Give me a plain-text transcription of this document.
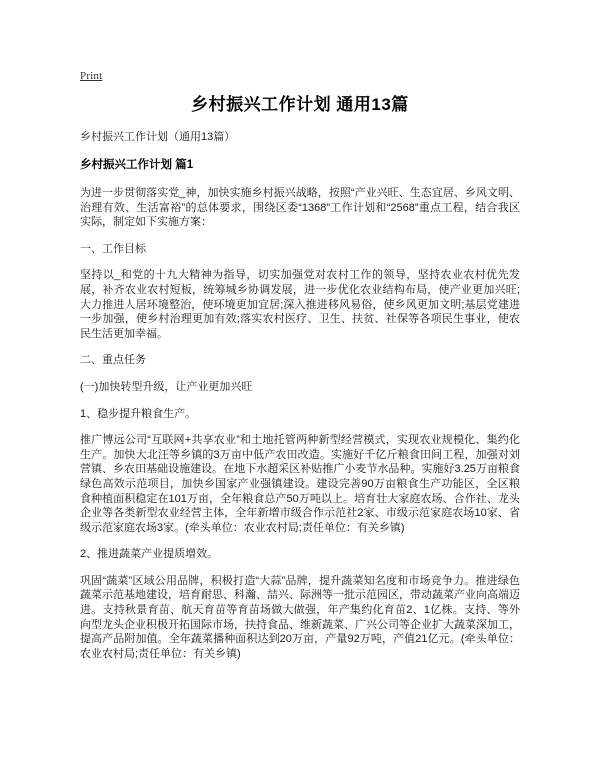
Print
乡村振兴工作计划 通用13篇

乡村振兴工作计划（通用13篇）

乡村振兴工作计划 篇1

为进一步贯彻落实党_神，加快实施乡村振兴战略，按照“产业兴旺、生态宜居、乡风文明、治理有效、生活富裕”的总体要求，围绕区委“1368”工作计划和“2568”重点工程，结合我区实际，制定如下实施方案：

一、工作目标

坚持以_和党的十九大精神为指导，切实加强党对农村工作的领导，坚持农业农村优先发展，补齐农业农村短板，统筹城乡协调发展，进一步优化农业结构布局，使产业更加兴旺;大力推进人居环境整治，使环境更加宜居;深入推进移风易俗，使乡风更加文明;基层党建进一步加强，使乡村治理更加有效;落实农村医疗、卫生、扶贫、社保等各项民生事业，使农民生活更加幸福。

二、重点任务

(一)加快转型升级，让产业更加兴旺

1、稳步提升粮食生产。

推广博远公司“互联网+共享农业”和土地托管两种新型经营模式，实现农业规模化、集约化生产。加快大北汪等乡镇的3万亩中低产农田改造。实施好千亿斤粮食田间工程，加强对刘营镇、乡农田基础设施建设。在地下水超采区补贴推广小麦节水品种。实施好3.25万亩粮食绿色高效示范项目，加快乡国家产业强镇建设。建设完善90万亩粮食生产功能区，全区粮食种植面积稳定在101万亩，全年粮食总产50万吨以上。培育壮大家庭农场、合作社、龙头企业等各类新型农业经营主体，全年新增市级合作示范社2家、市级示范家庭农场10家、省级示范家庭农场3家。(牵头单位：农业农村局;责任单位：有关乡镇)

2、推进蔬菜产业提质增效。

巩固“蔬菜”区域公用品牌，积极打造“大蒜”品牌，提升蔬菜知名度和市场竞争力。推进绿色蔬菜示范基地建设，培育耐思、科瀚、喆兴、际洲等一批示范园区，带动蔬菜产业向高端迈进。支持秋景育苗、航天育苗等育苗场做大做强，年产集约化育苗2、1亿株。支持、等外向型龙头企业积极开拓国际市场，扶持食品、维新蔬菜、广兴公司等企业扩大蔬菜深加工，提高产品附加值。全年蔬菜播种面积达到20万亩，产量92万吨，产值21亿元。(牵头单位：农业农村局;责任单位：有关乡镇)
